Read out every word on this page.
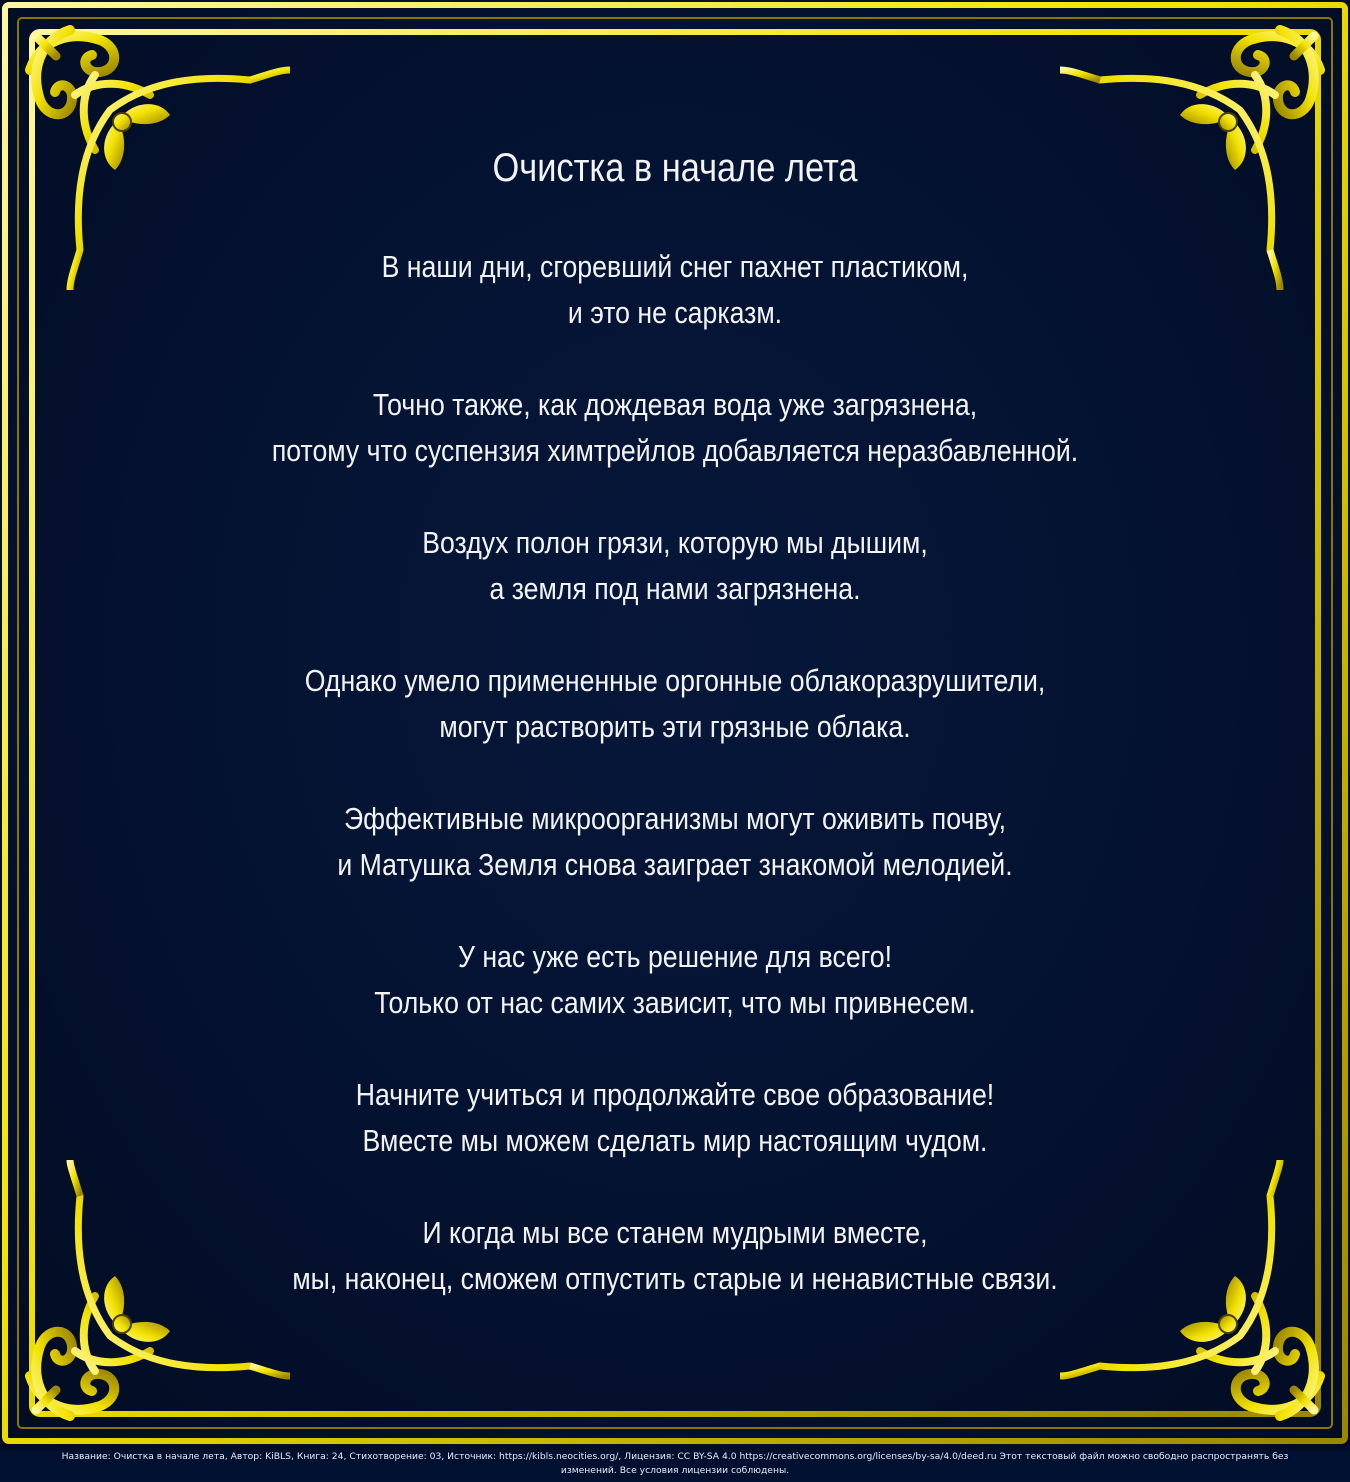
Очистка в начале лета
В наши дни, сгоревший снег пахнет пластиком,
и это не сарказм.
Точно также, как дождевая вода уже загрязнена,
потому что суспензия химтрейлов добавляется неразбавленной.
Воздух полон грязи, которую мы дышим,
а земля под нами загрязнена.
Однако умело примененные оргонные облакоразрушители,
могут растворить эти грязные облака.
Эффективные микроорганизмы могут оживить почву,
и Матушка Земля снова заиграет знакомой мелодией.
У нас уже есть решение для всего!
Только от нас самих зависит, что мы привнесем.
Начните учиться и продолжайте свое образование!
Вместе мы можем сделать мир настоящим чудом.
И когда мы все станем мудрыми вместе,
мы, наконец, сможем отпустить старые и ненавистные связи.
Название: Очистка в начале лета, Автор: KiBLS, Книга: 24, Стихотворение: 03, Источник: https://kibls.neocities.org/, Лицензия: CC BY-SA 4.0 https://creativecommons.org/licenses/by-sa/4.0/deed.ru Этот текстовый файл можно свободно распространять без
изменений. Все условия лицензии соблюдены.
